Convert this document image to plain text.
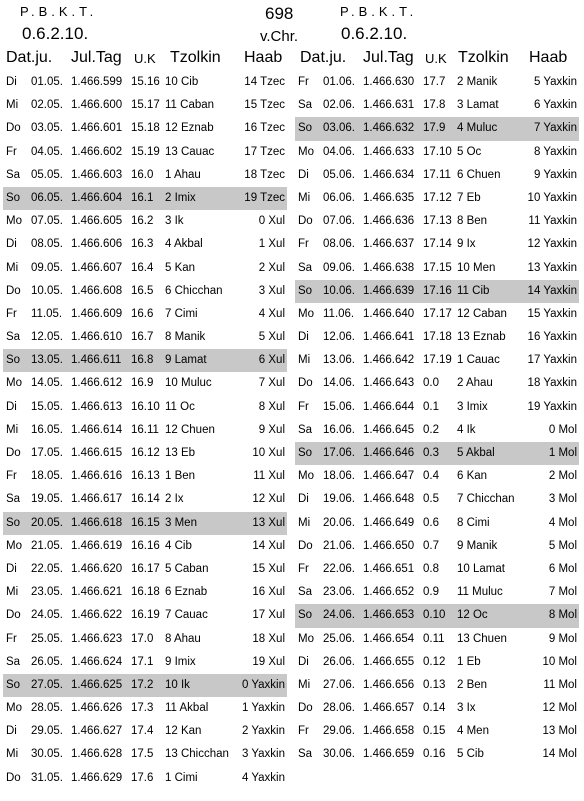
P.B.K.T.
0.6.2.10.
698
v.Chr.
P.B.K.T.
0.6.2.10.
Dat.ju. Jul.Tag U.K Tzolkin Haab Dat.ju. Jul.Tag U.K Tzolkin Haab
Di 01.05. 1.466.599 15.16 10 Cib	14 Tzec
Mi 02.05. 1.466.600 15.17 11 Caban	15 Tzec
Do 03.05. 1.466.601 15.18 12 Eznab	16 Tzec
Fr 04.05. 1.466.602 15.19 13 Cauac	17 Tzec
Sa 05.05. 1.466.603 16.0 1 Ahau	18 Tzec
So 06.05. 1.466.604 16.1 2 Imix	19 Tzec
Mo 07.05. 1.466.605 16.2 3 Ik	0 Xul
Di 08.05. 1.466.606 16.3 4 Akbal	1 Xul
Mi 09.05. 1.466.607 16.4 5 Kan	2 Xul
Do 10.05. 1.466.608 16.5 6 Chicchan	3 Xul
Fr 11.05. 1.466.609 16.6 7 Cimi	4 Xul
Sa 12.05. 1.466.610 16.7 8 Manik	5 Xul
So 13.05. 1.466.611 16.8 9 Lamat	6 Xul
Mo 14.05. 1.466.612 16.9 10 Muluc	7 Xul
Di 15.05. 1.466.613 16.10 11 Oc	8 Xul
Mi 16.05. 1.466.614 16.11 12 Chuen	9 Xul
Do 17.05. 1.466.615 16.12 13 Eb	10 Xul
Fr 18.05. 1.466.616 16.13 1 Ben	11 Xul
Sa 19.05. 1.466.617 16.14 2 Ix	12 Xul
So 20.05. 1.466.618 16.15 3 Men	13 Xul
Mo 21.05. 1.466.619 16.16 4 Cib	14 Xul
Di 22.05. 1.466.620 16.17 5 Caban	15 Xul
Mi 23.05. 1.466.621 16.18 6 Eznab	16 Xul
Do 24.05. 1.466.622 16.19 7 Cauac	17 Xul
Fr 25.05. 1.466.623 17.0 8 Ahau	18 Xul
Sa 26.05. 1.466.624 17.1 9 Imix	19 Xul
So 27.05. 1.466.625 17.2 10 Ik	0 Yaxkin
Mo 28.05. 1.466.626 17.3 11 Akbal	1 Yaxkin
Di 29.05. 1.466.627 17.4 12 Kan	2 Yaxkin
Mi 30.05. 1.466.628 17.5 13 Chicchan 3 Yaxkin
Do 31.05. 1.466.629 17.6 1 Cimi	4 Yaxkin
Fr 01.06. 1.466.630 17.7 2 Manik	5 Yaxkin
Sa 02.06. 1.466.631 17.8 3 Lamat	6 Yaxkin
So 03.06. 1.466.632 17.9 4 Muluc	7 Yaxkin
Mo 04.06. 1.466.633 17.10 5 Oc	8 Yaxkin
Di 05.06. 1.466.634 17.11 6 Chuen	9 Yaxkin
Mi 06.06. 1.466.635 17.12 7 Eb	10 Yaxkin
Do 07.06. 1.466.636 17.13 8 Ben	11 Yaxkin
Fr 08.06. 1.466.637 17.14 9 Ix	12 Yaxkin
Sa 09.06. 1.466.638 17.15 10 Men	13 Yaxkin
So 10.06. 1.466.639 17.16 11 Cib	14 Yaxkin
Mo 11.06. 1.466.640 17.17 12 Caban 15 Yaxkin
Di 12.06. 1.466.641 17.18 13 Eznab 16 Yaxkin
Mi 13.06. 1.466.642 17.19 1 Cauac 17 Yaxkin
Do 14.06. 1.466.643 0.0 2 Ahau	18 Yaxkin
Fr 15.06. 1.466.644 0.1 3 Imix	19 Yaxkin
Sa 16.06. 1.466.645 0.2 4 Ik	0 Mol
So 17.06. 1.466.646 0.3 5 Akbal	1 Mol
Mo 18.06. 1.466.647 0.4 6 Kan	2 Mol
Di 19.06. 1.466.648 0.5 7 Chicchan	3 Mol
Mi 20.06. 1.466.649 0.6 8 Cimi	4 Mol
Do 21.06. 1.466.650 0.7 9 Manik	5 Mol
Fr 22.06. 1.466.651 0.8 10 Lamat	6 Mol
Sa 23.06. 1.466.652 0.9 11 Muluc	7 Mol
So 24.06. 1.466.653 0.10 12 Oc	8 Mol
Mo 25.06. 1.466.654 0.11 13 Chuen	9 Mol
Di 26.06. 1.466.655 0.12 1 Eb	10 Mol
Mi 27.06. 1.466.656 0.13 2 Ben	11 Mol
Do 28.06. 1.466.657 0.14 3 Ix	12 Mol
Fr 29.06. 1.466.658 0.15 4 Men	13 Mol
Sa 30.06. 1.466.659 0.16 5 Cib	14 Mol
